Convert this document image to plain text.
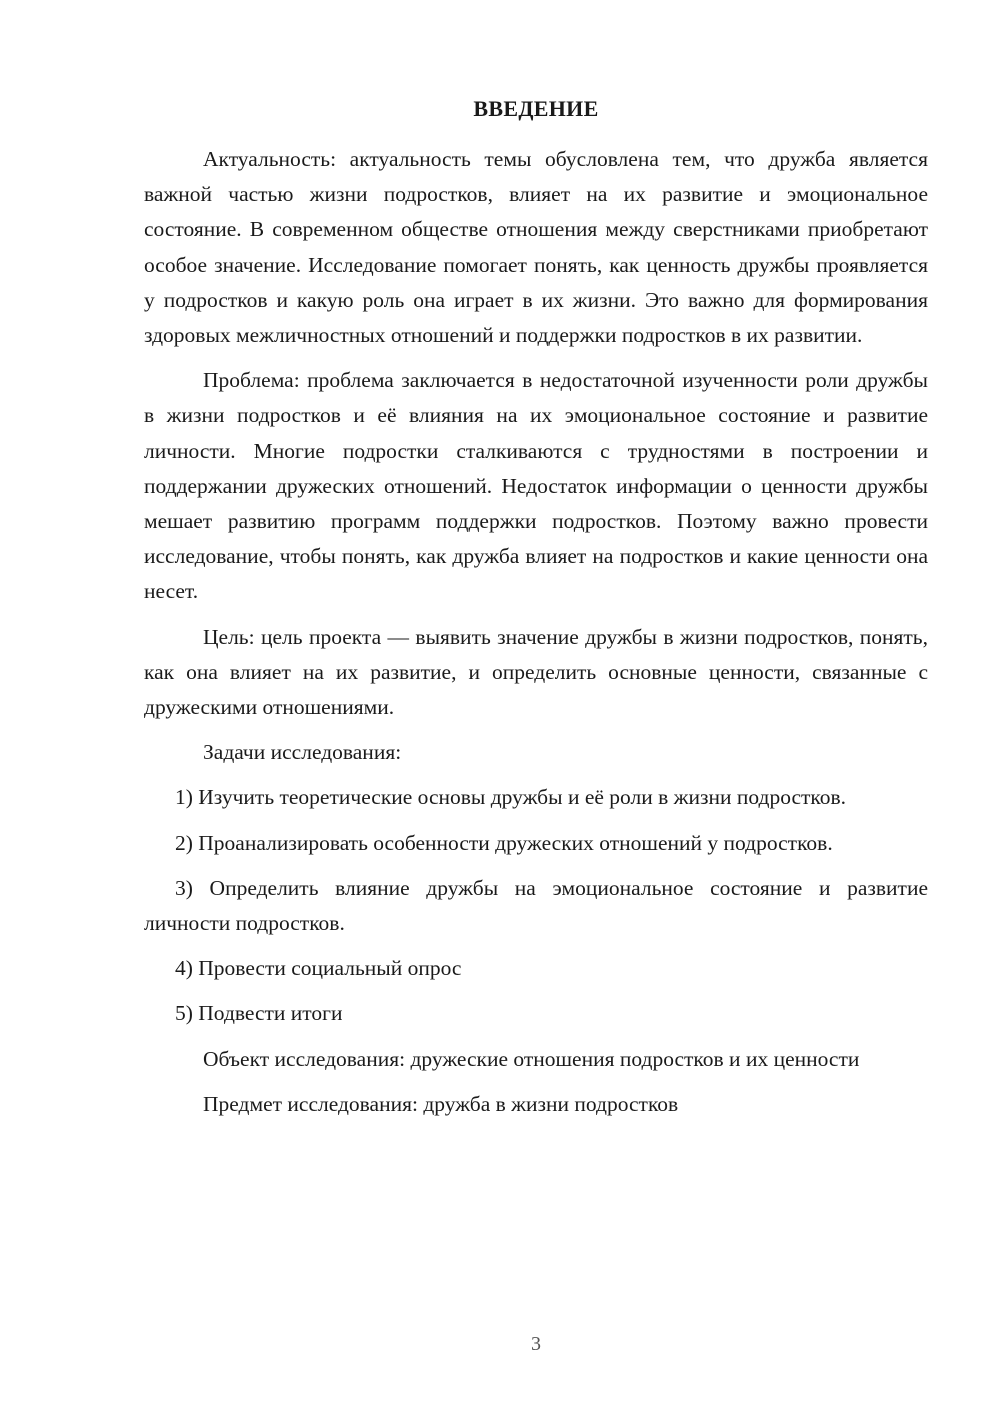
ВВЕДЕНИЕ

Актуальность: актуальность темы обусловлена тем, что дружба является важной частью жизни подростков, влияет на их развитие и эмоциональное состояние. В современном обществе отношения между сверстниками приобретают особое значение. Исследование помогает понять, как ценность дружбы проявляется у подростков и какую роль она играет в их жизни. Это важно для формирования здоровых межличностных отношений и поддержки подростков в их развитии.

Проблема: проблема заключается в недостаточной изученности роли дружбы в жизни подростков и её влияния на их эмоциональное состояние и развитие личности. Многие подростки сталкиваются с трудностями в построении и поддержании дружеских отношений. Недостаток информации о ценности дружбы мешает развитию программ поддержки подростков. Поэтому важно провести исследование, чтобы понять, как дружба влияет на подростков и какие ценности она несет.

Цель: цель проекта — выявить значение дружбы в жизни подростков, понять, как она влияет на их развитие, и определить основные ценности, связанные с дружескими отношениями.

Задачи исследования:

1) Изучить теоретические основы дружбы и её роли в жизни подростков.

2) Проанализировать особенности дружеских отношений у подростков.

3) Определить влияние дружбы на эмоциональное состояние и развитие личности подростков.

4) Провести социальный опрос

5) Подвести итоги

Объект исследования: дружеские отношения подростков и их ценности

Предмет исследования: дружба в жизни подростков

3
